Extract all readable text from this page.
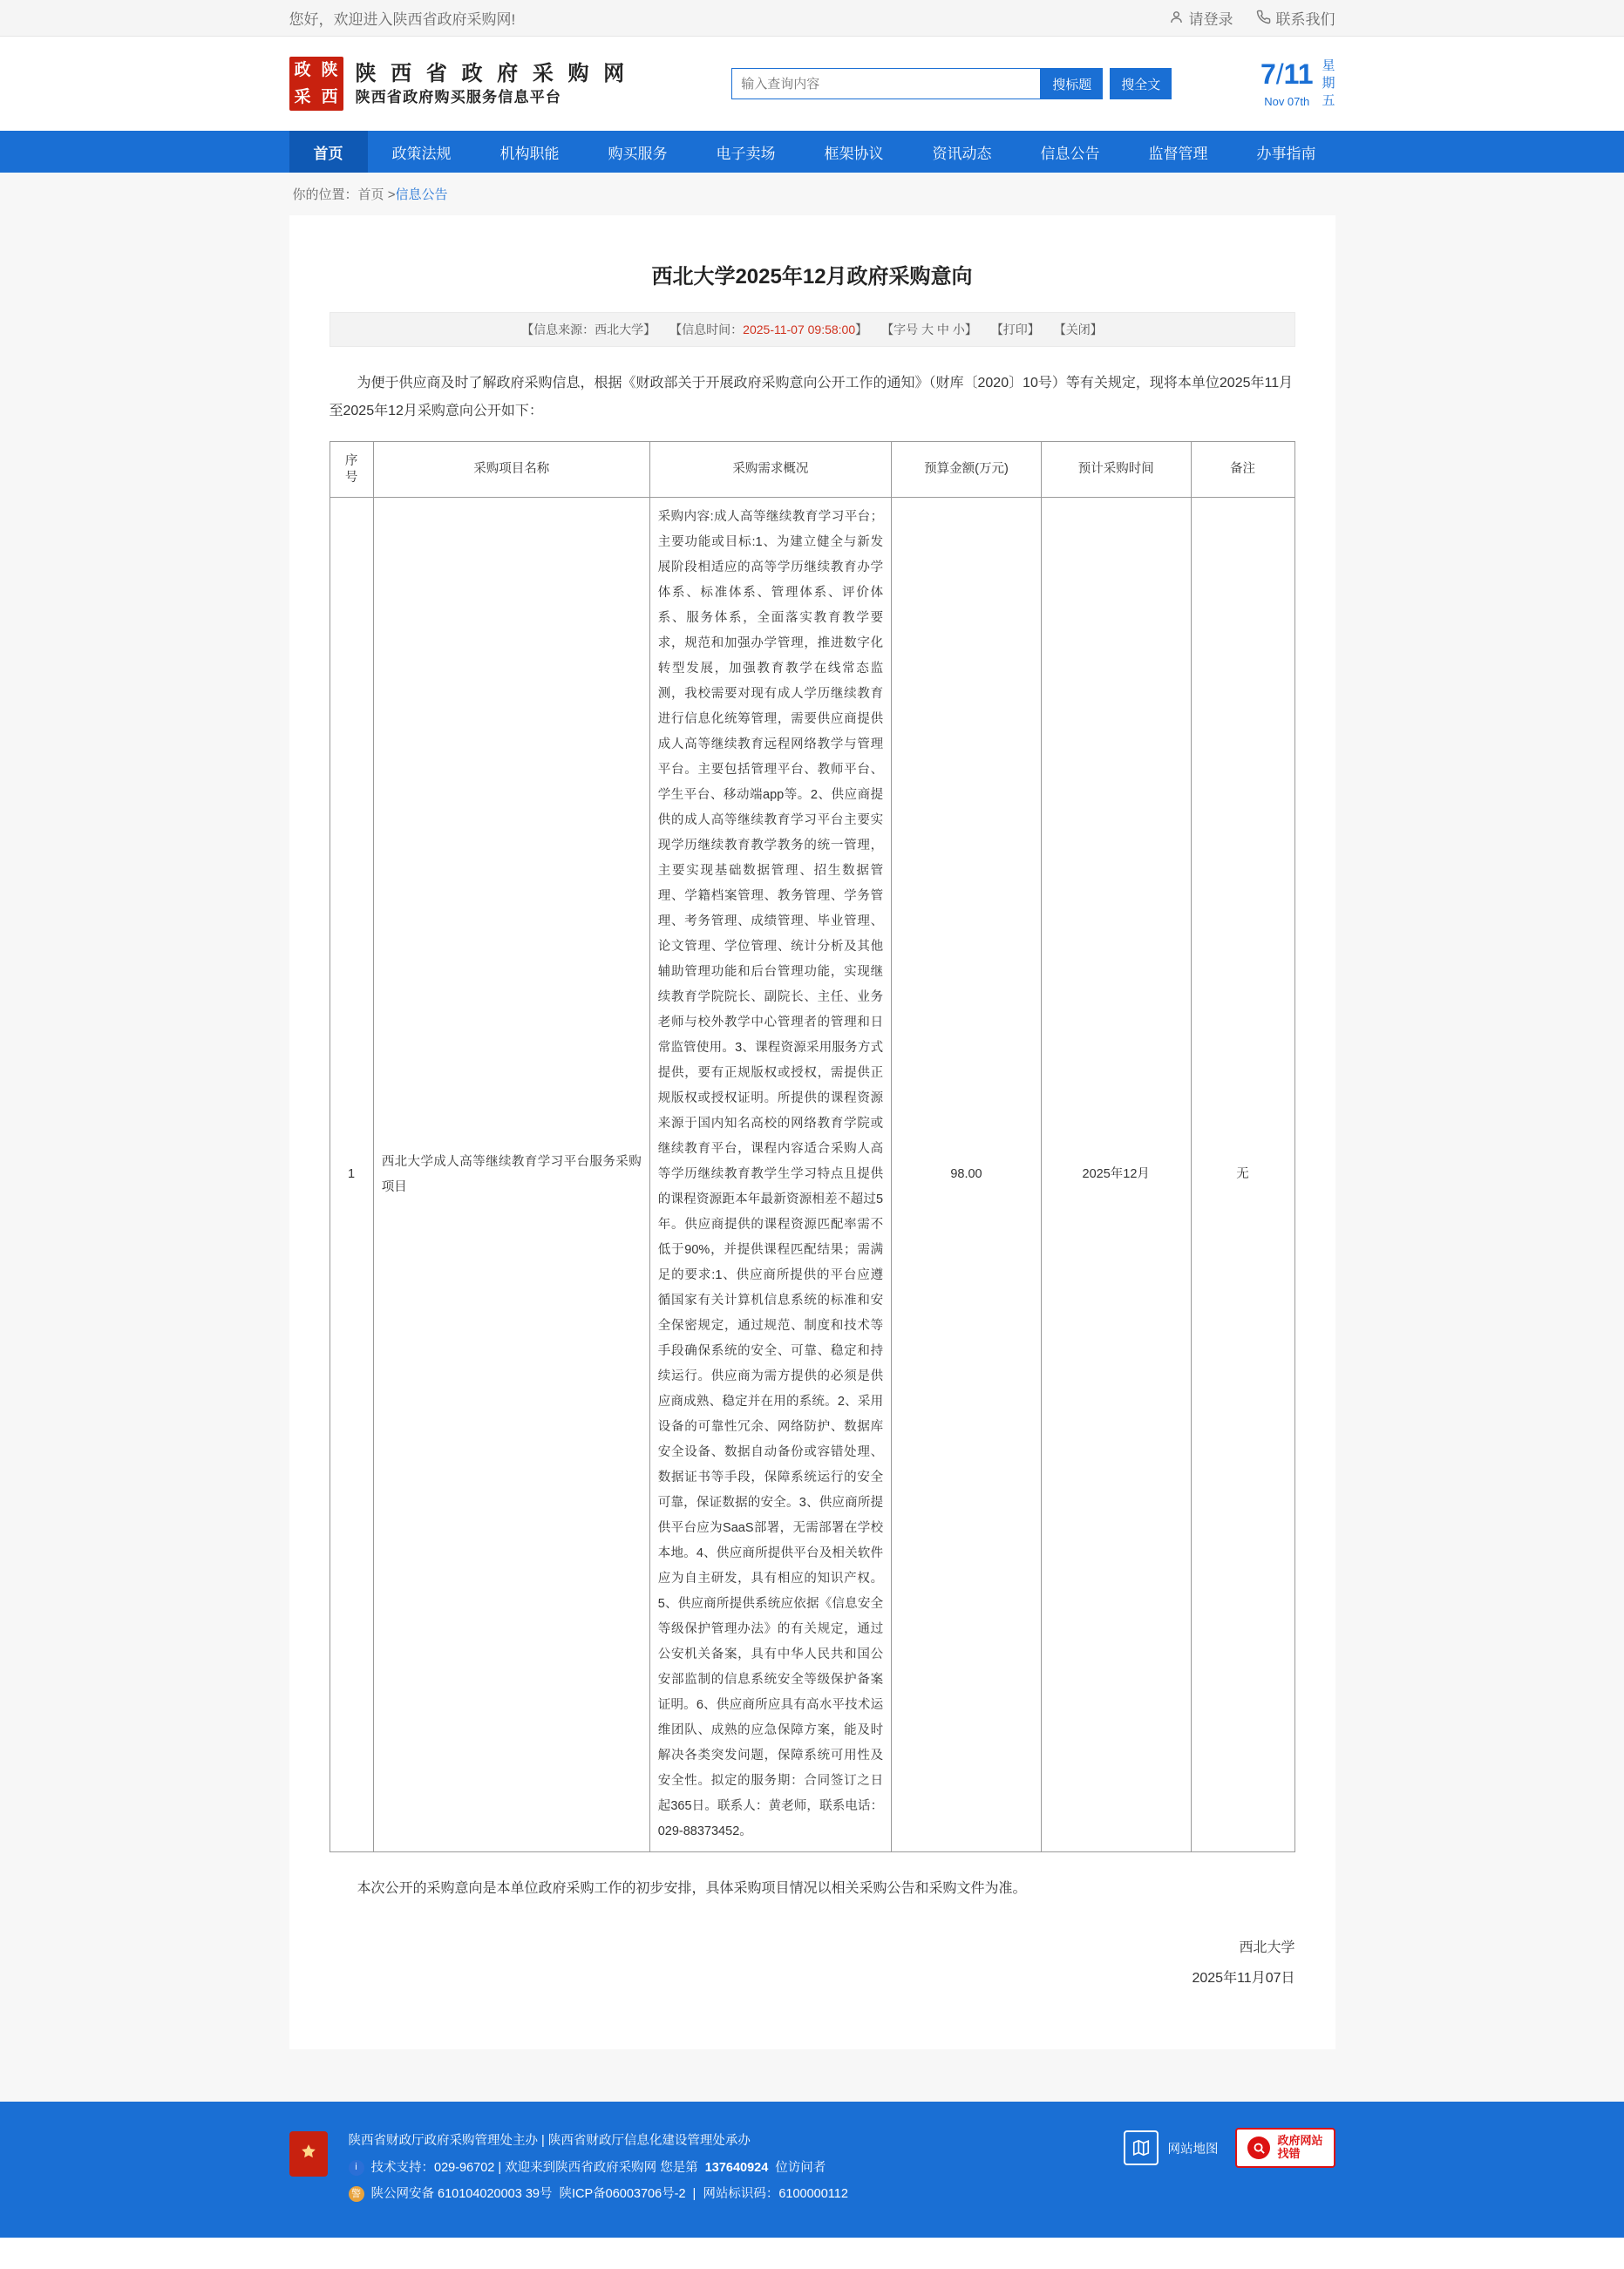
您好，欢迎进入陕西省政府采购网!	请登录	联系我们
政 陕
采 西
陕 西 省 政 府 采 购 网
陕西省政府购买服务信息平台
输入查询内容
搜标题	搜全文	7/11
Nov 07th
星
期
五
首页	政策法规	机构职能	购买服务	电子卖场	框架协议	资讯动态	信息公告	监督管理	办事指南
你的位置：首页 >信息公告
西北大学2025年12月政府采购意向
【信息来源：西北大学】 【信息时间：2025-11-07 09:58:00】 【字号 大 中 小】 【打印】 【关闭】

为便于供应商及时了解政府采购信息，根据《财政部关于开展政府采购意向公开工作的通知》（财库〔2020〕10号）等有关规定，现将本单位2025年11月至2025年12月采购意向公开如下：

序
号	采购项目名称	采购需求概况	预算金额(万元)	预计采购时间	备注
1	西北大学成人高等继续教育学习平台服务采购项目	采购内容:成人高等继续教育学习平台；主要功能或目标:1、为建立健全与新发展阶段相适应的高等学历继续教育办学体系、标准体系、管理体系、评价体系、服务体系，全面落实教育教学要求，规范和加强办学管理，推进数字化转型发展，加强教育教学在线常态监测，我校需要对现有成人学历继续教育进行信息化统筹管理，需要供应商提供成人高等继续教育远程网络教学与管理平台。主要包括管理平台、教师平台、学生平台、移动端app等。2、供应商提供的成人高等继续教育学习平台主要实现学历继续教育教学教务的统一管理，主要实现基础数据管理、招生数据管理、学籍档案管理、教务管理、学务管理、考务管理、成绩管理、毕业管理、论文管理、学位管理、统计分析及其他辅助管理功能和后台管理功能，实现继续教育学院院长、副院长、主任、业务老师与校外教学中心管理者的管理和日常监管使用。3、课程资源采用服务方式提供，要有正规版权或授权，需提供正规版权或授权证明。所提供的课程资源来源于国内知名高校的网络教育学院或继续教育平台，课程内容适合采购人高等学历继续教育教学生学习特点且提供的课程资源距本年最新资源相差不超过5年。供应商提供的课程资源匹配率需不低于90%，并提供课程匹配结果；需满足的要求:1、供应商所提供的平台应遵循国家有关计算机信息系统的标准和安全保密规定，通过规范、制度和技术等手段确保系统的安全、可靠、稳定和持续运行。供应商为需方提供的必须是供应商成熟、稳定并在用的系统。2、采用设备的可靠性冗余、网络防护、数据库安全设备、数据自动备份或容错处理、数据证书等手段，保障系统运行的安全可靠，保证数据的安全。3、供应商所提供平台应为SaaS部署，无需部署在学校本地。4、供应商所提供平台及相关软件应为自主研发，具有相应的知识产权。5、供应商所提供系统应依据《信息安全等级保护管理办法》的有关规定，通过公安机关备案，具有中华人民共和国公安部监制的信息系统安全等级保护备案证明。6、供应商所应具有高水平技术运维团队、成熟的应急保障方案，能及时解决各类突发问题，保障系统可用性及安全性。拟定的服务期：合同签订之日起365日。联系人：黄老师，联系电话：029-88373452。	98.00	2025年12月	无

本次公开的采购意向是本单位政府采购工作的初步安排，具体采购项目情况以相关采购公告和采购文件为准。

西北大学
2025年11月07日
陕西省财政厅政府采购管理处主办 | 陕西省财政厅信息化建设管理处承办
i	技术支持：029-96702 | 欢迎来到陕西省政府采购网 您是第 137640924 位访问者
警 陕公网安备 610104020003 39号 陕ICP备06003706号-2 | 网站标识码：6100000112
网站地图
政府网站
找错
